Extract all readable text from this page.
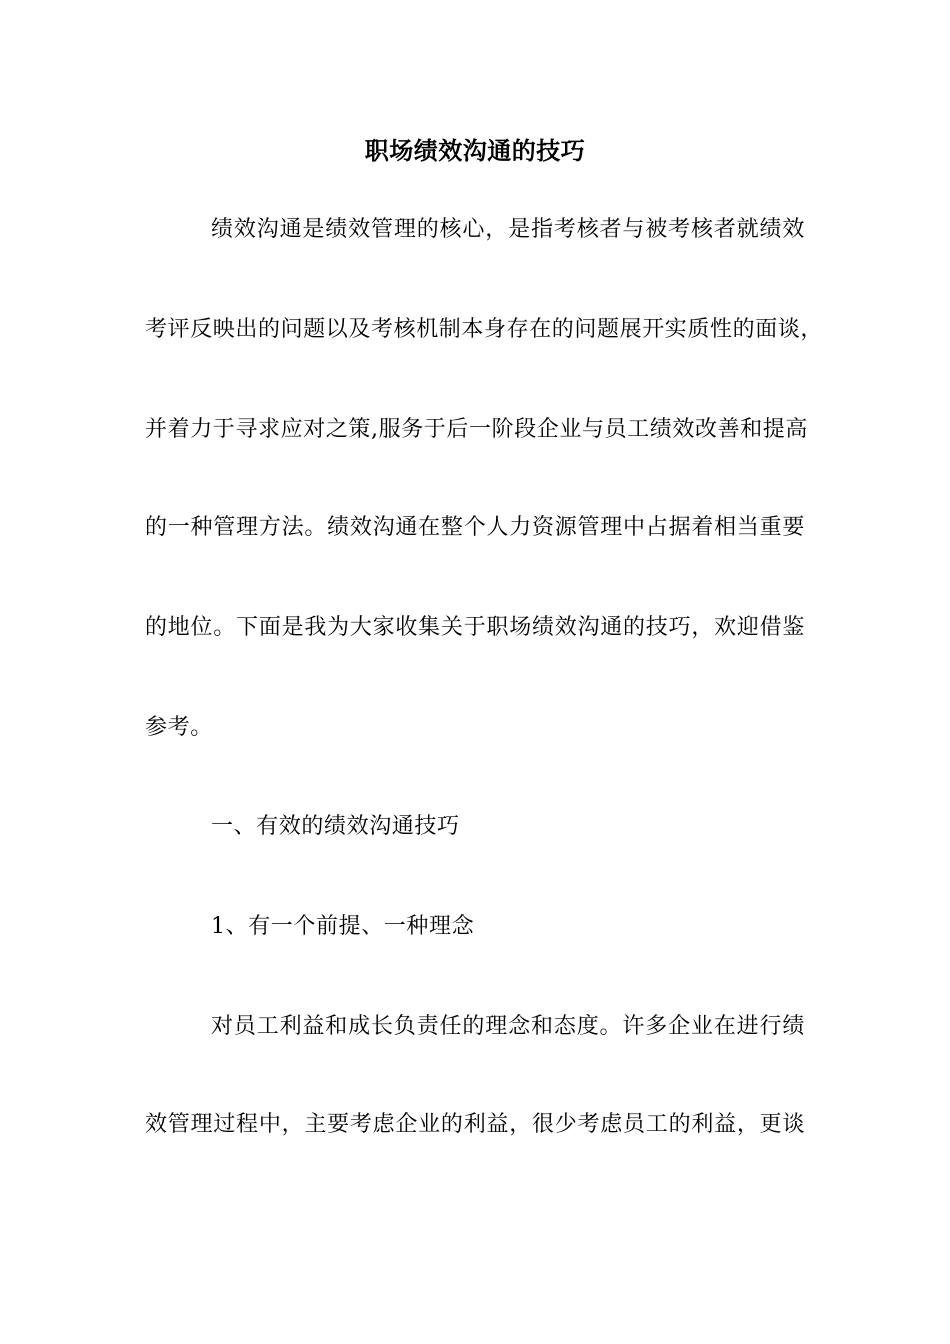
职场绩效沟通的技巧
绩效沟通是绩效管理的核心，是指考核者与被考核者就绩效
考评反映出的问题以及考核机制本身存在的问题展开实质性的面谈，
并着力于寻求应对之策,服务于后一阶段企业与员工绩效改善和提高
的一种管理方法。绩效沟通在整个人力资源管理中占据着相当重要
的地位。下面是我为大家收集关于职场绩效沟通的技巧，欢迎借鉴
参考。
一、有效的绩效沟通技巧
1、有一个前提、一种理念
对员工利益和成长负责任的理念和态度。许多企业在进行绩
效管理过程中，主要考虑企业的利益，很少考虑员工的利益，更谈
